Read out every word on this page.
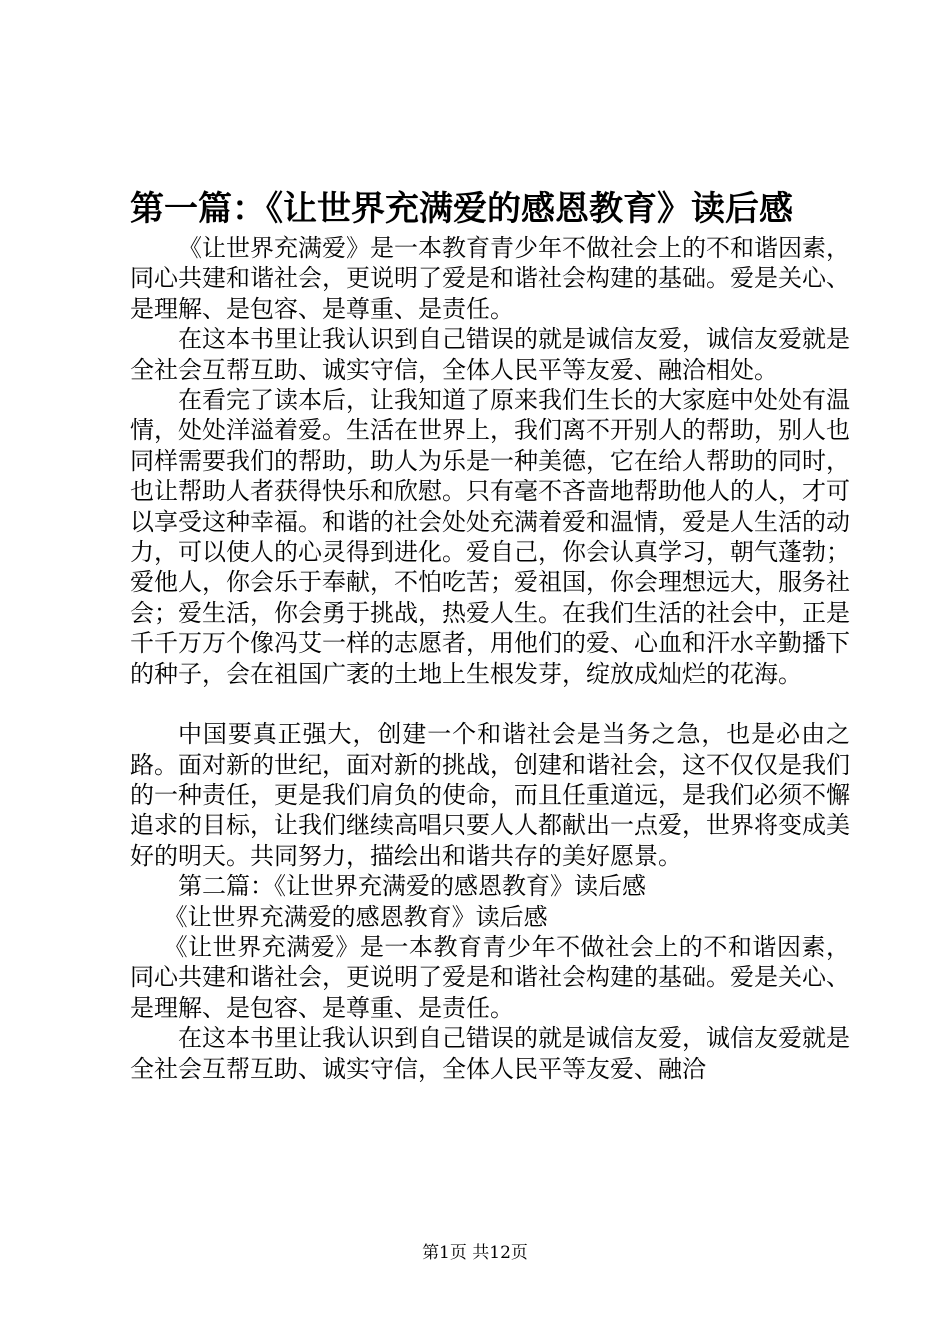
第一篇：《让世界充满爱的感恩教育》读后感

《让世界充满爱》是一本教育青少年不做社会上的不和谐因素，同心共建和谐社会，更说明了爱是和谐社会构建的基础。爱是关心、是理解、是包容、是尊重、是责任。

在这本书里让我认识到自己错误的就是诚信友爱，诚信友爱就是全社会互帮互助、诚实守信，全体人民平等友爱、融洽相处。

在看完了读本后，让我知道了原来我们生长的大家庭中处处有温情，处处洋溢着爱。生活在世界上，我们离不开别人的帮助，别人也同样需要我们的帮助，助人为乐是一种美德，它在给人帮助的同时，也让帮助人者获得快乐和欣慰。只有毫不吝啬地帮助他人的人，才可以享受这种幸福。和谐的社会处处充满着爱和温情，爱是人生活的动力，可以使人的心灵得到进化。爱自己，你会认真学习，朝气蓬勃；爱他人，你会乐于奉献，不怕吃苦；爱祖国，你会理想远大，服务社会；爱生活，你会勇于挑战，热爱人生。在我们生活的社会中，正是千千万万个像冯艾一样的志愿者，用他们的爱、心血和汗水辛勤播下的种子，会在祖国广袤的土地上生根发芽，绽放成灿烂的花海。

中国要真正强大，创建一个和谐社会是当务之急，也是必由之路。面对新的世纪，面对新的挑战，创建和谐社会，这不仅仅是我们的一种责任，更是我们肩负的使命，而且任重道远，是我们必须不懈追求的目标，让我们继续高唱只要人人都献出一点爱，世界将变成美好的明天。共同努力，描绘出和谐共存的美好愿景。

第二篇：《让世界充满爱的感恩教育》读后感

《让世界充满爱的感恩教育》读后感

《让世界充满爱》是一本教育青少年不做社会上的不和谐因素，同心共建和谐社会，更说明了爱是和谐社会构建的基础。爱是关心、是理解、是包容、是尊重、是责任。

在这本书里让我认识到自己错误的就是诚信友爱，诚信友爱就是全社会互帮互助、诚实守信，全体人民平等友爱、融洽

第1页 共12页
